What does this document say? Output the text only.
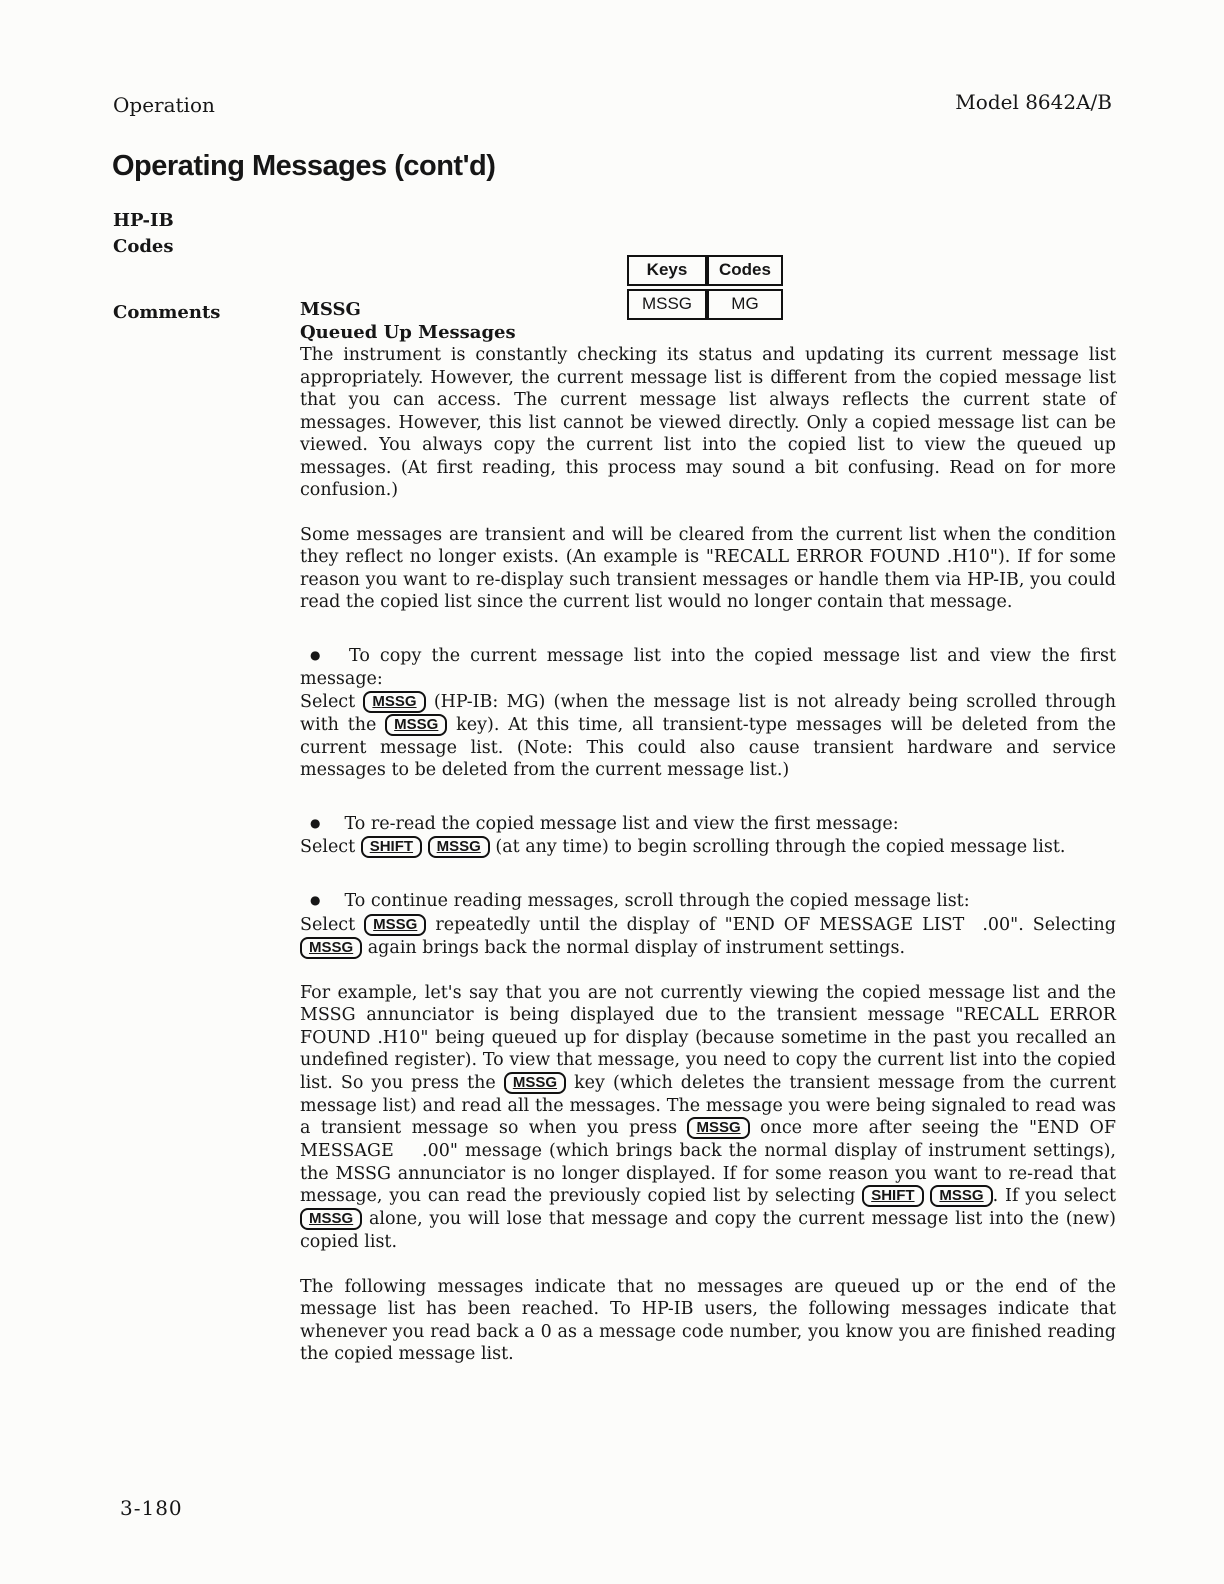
Operation	Model 8642A/B
Operating Messages (cont'd)
HP-IB
Codes
Keys	Codes
MSSG	MG
Comments	MSSG
Queued Up Messages

The instrument is constantly checking its status and updating its current message list appropriately. However, the current message list is different from the copied message list that you can access. The current message list always reflects the current state of messages. However, this list cannot be viewed directly. Only a copied message list can be viewed. You always copy the current list into the copied list to view the queued up messages. (At first reading, this process may sound a bit confusing. Read on for more confusion.)

Some messages are transient and will be cleared from the current list when the condition they reflect no longer exists. (An example is "RECALL ERROR FOUND .H10"). If for some reason you want to re-display such transient messages or handle them via HP-IB, you could read the copied list since the current list would no longer contain that message.

● To copy the current message list into the copied message list and view the first message:
Select MSSG (HP-IB: MG) (when the message list is not already being scrolled through with the MSSG key). At this time, all transient-type messages will be deleted from the current message list. (Note: This could also cause transient hardware and service messages to be deleted from the current message list.)

● To re-read the copied message list and view the first message:
Select SHIFT MSSG (at any time) to begin scrolling through the copied message list.

● To continue reading messages, scroll through the copied message list:
Select MSSG repeatedly until the display of "END OF MESSAGE LIST  .00". Selecting MSSG again brings back the normal display of instrument settings.

For example, let's say that you are not currently viewing the copied message list and the MSSG annunciator is being displayed due to the transient message "RECALL ERROR FOUND .H10" being queued up for display (because sometime in the past you recalled an undefined register). To view that message, you need to copy the current list into the copied list. So you press the MSSG key (which deletes the transient message from the current message list) and read all the messages. The message you were being signaled to read was a transient message so when you press MSSG once more after seeing the "END OF MESSAGE    .00" message (which brings back the normal display of instrument settings), the MSSG annunciator is no longer displayed. If for some reason you want to re-read that message, you can read the previously copied list by selecting SHIFT MSSG . If you select MSSG alone, you will lose that message and copy the current message list into the (new) copied list.

The following messages indicate that no messages are queued up or the end of the message list has been reached. To HP-IB users, the following messages indicate that whenever you read back a 0 as a message code number, you know you are finished reading the copied message list.

3-180
